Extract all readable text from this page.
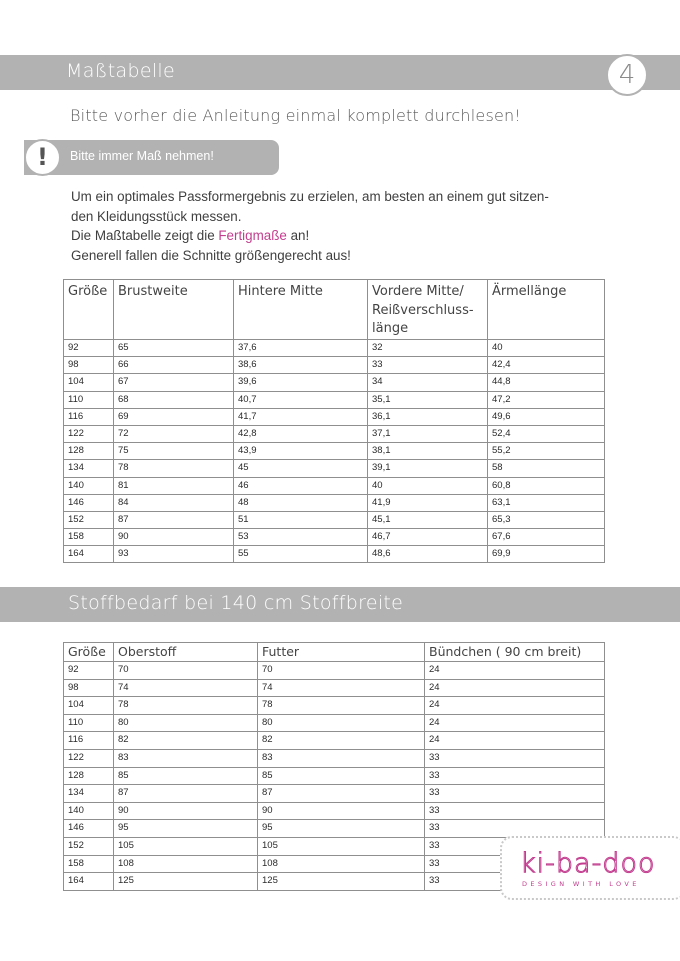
Maßtabelle	4
Bitte vorher die Anleitung einmal komplett durchlesen!
!	Bitte immer Maß nehmen!

Um ein optimales Passformergebnis zu erzielen, am besten an einem gut sitzen-

den Kleidungsstück messen.

Die Maßtabelle zeigt die Fertigmaße an!

Generell fallen die Schnitte größengerecht aus!

Größe	Brustweite	Hintere Mitte	Vordere Mitte/ Reißverschluss-länge	Ärmellänge
92	65	37,6	32	40
98	66	38,6	33	42,4
104	67	39,6	34	44,8
110	68	40,7	35,1	47,2
116	69	41,7	36,1	49,6
122	72	42,8	37,1	52,4
128	75	43,9	38,1	55,2
134	78	45	39,1	58
140	81	46	40	60,8
146	84	48	41,9	63,1
152	87	51	45,1	65,3
158	90	53	46,7	67,6
164	93	55	48,6	69,9
Stoffbedarf bei 140 cm Stoffbreite
Größe	Oberstoff	Futter	Bündchen ( 90 cm breit)
92	70	70	24
98	74	74	24
104	78	78	24
110	80	80	24
116	82	82	24
122	83	83	33
128	85	85	33
134	87	87	33
140	90	90	33
146	95	95	33
152	105	105	33
158	108	108	33
164	125	125	33
ki-ba-doo
DESIGN WITH LOVE
